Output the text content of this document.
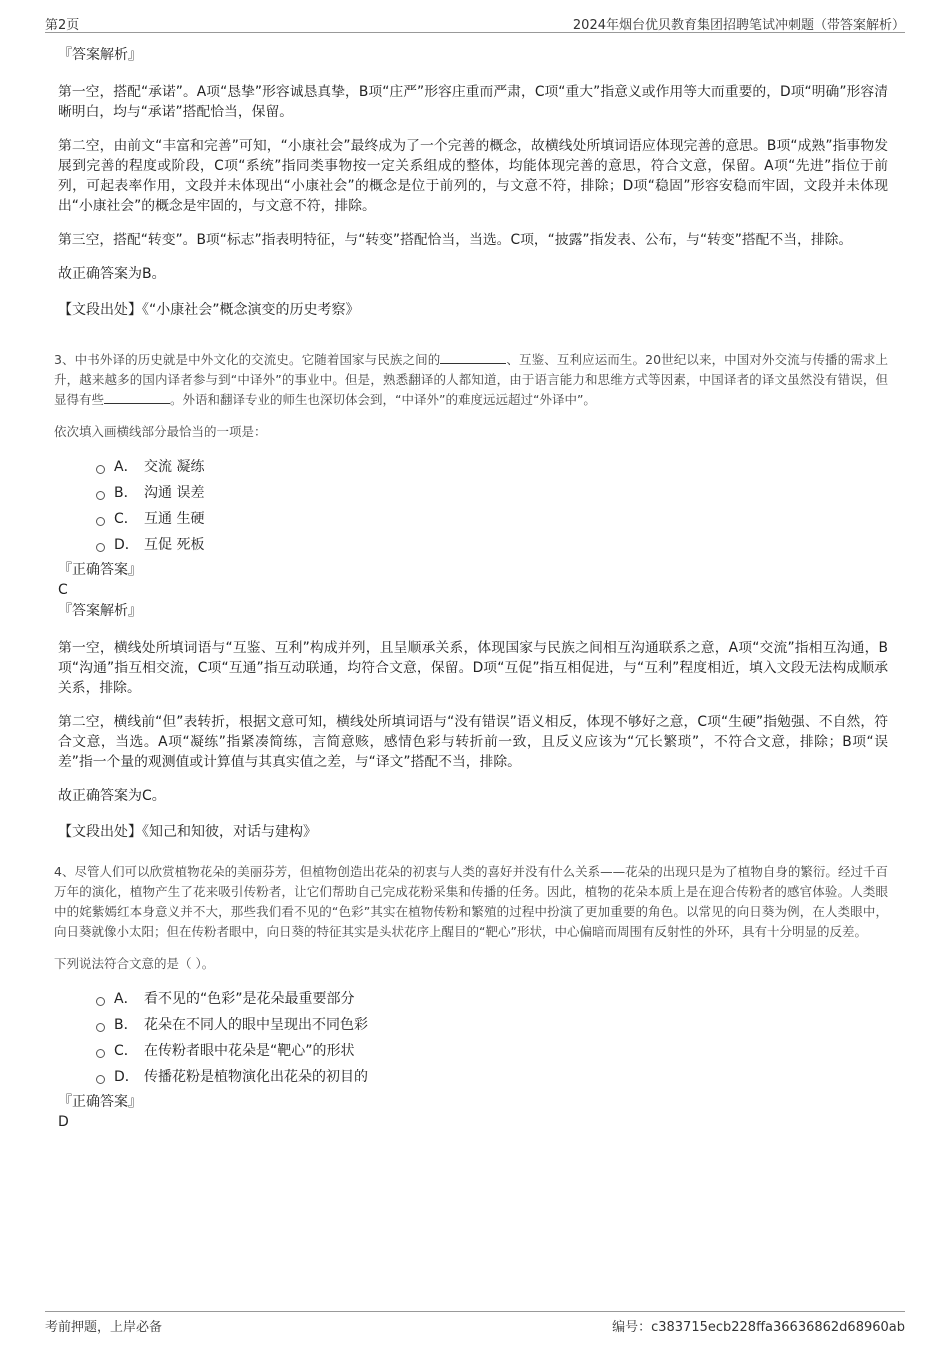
第2页	2024年烟台优贝教育集团招聘笔试冲刺题（带答案解析）
『答案解析』
第一空，搭配“承诺”。A项“恳挚”形容诚恳真挚，B项“庄严”形容庄重而严肃，C项“重大”指意义或作用等大而重要的，D项“明确”形容清晰明白，均与“承诺”搭配恰当，保留。
第二空，由前文“丰富和完善”可知，“小康社会”最终成为了一个完善的概念，故横线处所填词语应体现完善的意思。B项“成熟”指事物发展到完善的程度或阶段，C项“系统”指同类事物按一定关系组成的整体，均能体现完善的意思，符合文意，保留。A项“先进”指位于前列，可起表率作用，文段并未体现出“小康社会”的概念是位于前列的，与文意不符，排除；D项“稳固”形容安稳而牢固，文段并未体现出“小康社会”的概念是牢固的，与文意不符，排除。
第三空，搭配“转变”。B项“标志”指表明特征，与“转变”搭配恰当，当选。C项，“披露”指发表、公布，与“转变”搭配不当，排除。
故正确答案为B。
【文段出处】《“小康社会”概念演变的历史考察》
3、中书外译的历史就是中外文化的交流史。它随着国家与民族之间的	、互鉴、互利应运而生。20世纪以来，中国对外交流与传播的需求上升，越来越多的国内译者参与到“中译外”的事业中。但是，熟悉翻译的人都知道，由于语言能力和思维方式等因素，中国译者的译文虽然没有错误，但显得有些	。外语和翻译专业的师生也深切体会到，“中译外”的难度远远超过“外译中”。
依次填入画横线部分最恰当的一项是：
A． 交流 凝练
B． 沟通 误差
C． 互通 生硬
D． 互促 死板
『正确答案』
C
『答案解析』
第一空，横线处所填词语与“互鉴、互利”构成并列，且呈顺承关系，体现国家与民族之间相互沟通联系之意，A项“交流”指相互沟通，B项“沟通”指互相交流，C项“互通”指互动联通，均符合文意，保留。D项“互促”指互相促进，与“互利”程度相近，填入文段无法构成顺承关系，排除。
第二空，横线前“但”表转折，根据文意可知，横线处所填词语与“没有错误”语义相反，体现不够好之意，C项“生硬”指勉强、不自然，符合文意，当选。A项“凝练”指紧凑简练，言简意赅，感情色彩与转折前一致，且反义应该为“冗长繁琐”，不符合文意，排除；B项“误差”指一个量的观测值或计算值与其真实值之差，与“译文”搭配不当，排除。
故正确答案为C。
【文段出处】《知己和知彼，对话与建构》
4、尽管人们可以欣赏植物花朵的美丽芬芳，但植物创造出花朵的初衷与人类的喜好并没有什么关系——花朵的出现只是为了植物自身的繁衍。经过千百万年的演化，植物产生了花来吸引传粉者，让它们帮助自己完成花粉采集和传播的任务。因此，植物的花朵本质上是在迎合传粉者的感官体验。人类眼中的姹紫嫣红本身意义并不大，那些我们看不见的“色彩”其实在植物传粉和繁殖的过程中扮演了更加重要的角色。以常见的向日葵为例，在人类眼中，向日葵就像小太阳；但在传粉者眼中，向日葵的特征其实是头状花序上醒目的“靶心”形状，中心偏暗而周围有反射性的外环，具有十分明显的反差。
下列说法符合文意的是（ ）。
A． 看不见的“色彩”是花朵最重要部分
B． 花朵在不同人的眼中呈现出不同色彩
C． 在传粉者眼中花朵是“靶心”的形状
D． 传播花粉是植物演化出花朵的初目的
『正确答案』
D
考前押题，上岸必备	编号：c383715ecb228ffa36636862d68960ab
